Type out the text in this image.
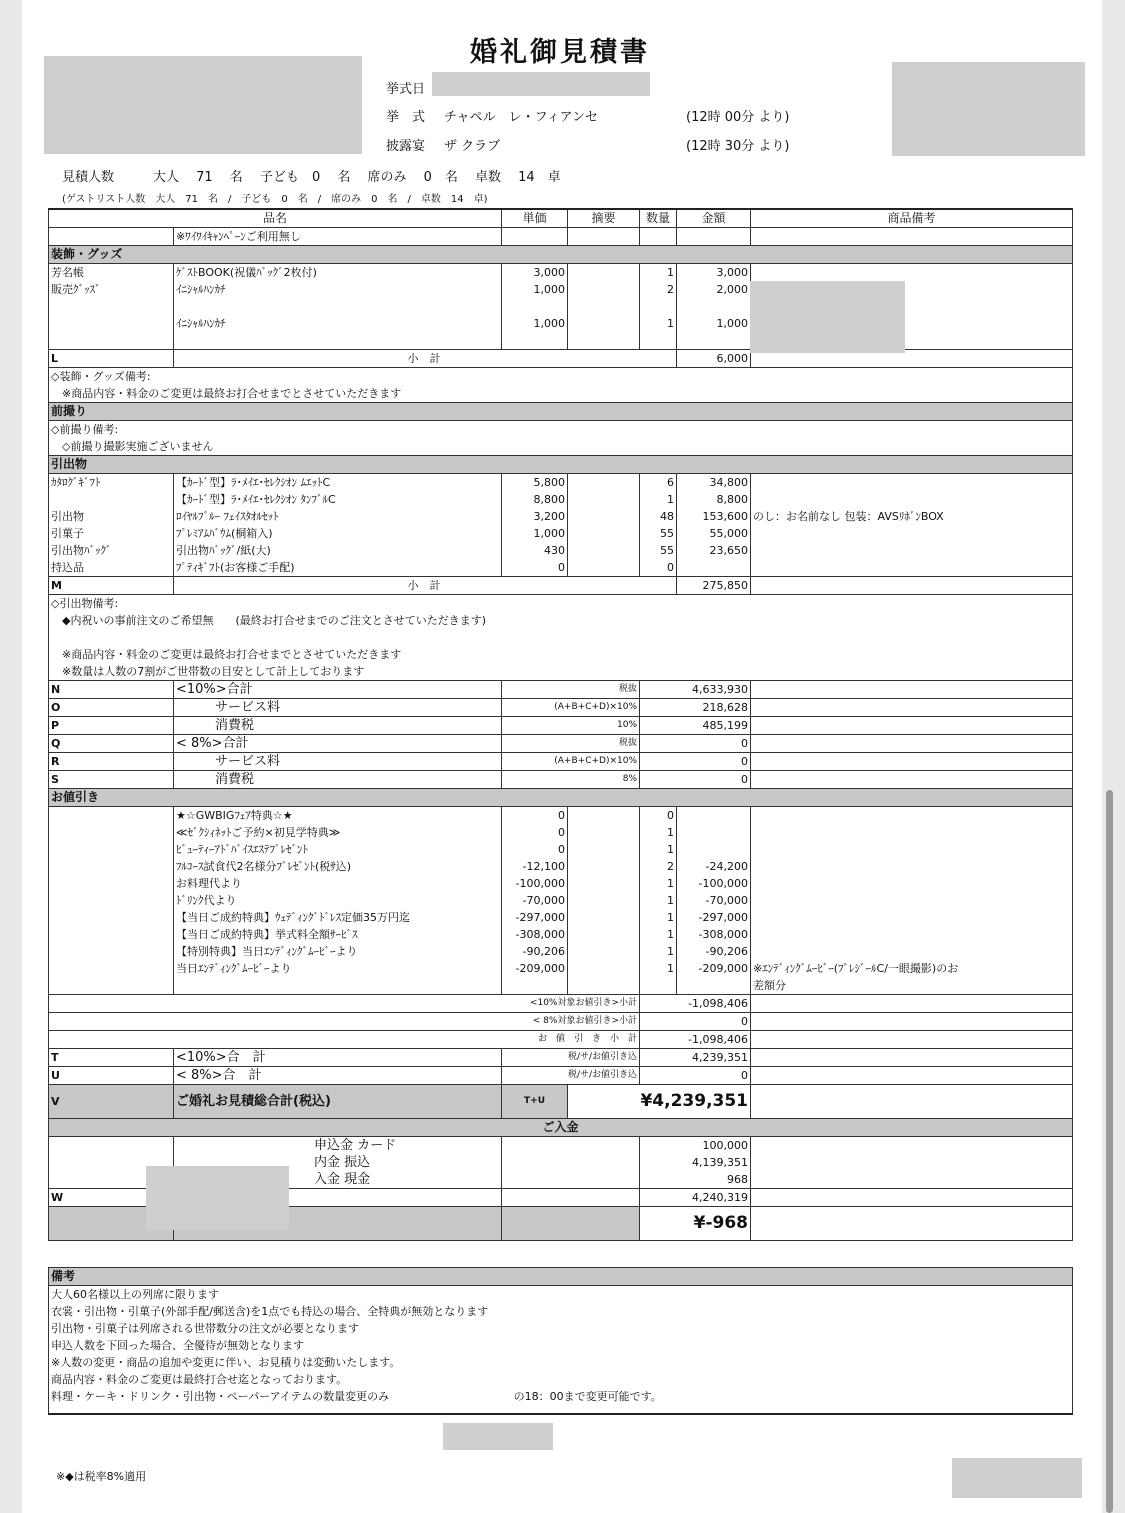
婚礼御見積書
挙式日
挙　式 チャペル　レ・フィアンセ	(12時 00分 より)
披露宴 ザ クラブ	(12時 30分 より)
見積人数　　　大人　 71　 名　 子ども　0　 名　 席のみ　 0　名　 卓数　 14　卓
(ゲストリスト人数　大人　71　名　/　子ども　0　名　/　席のみ　0　名　/　卓数　14　卓)
品名		単価	摘要	数量	金額	商品備考
	※ﾜｲﾜｲｷｬﾝﾍﾟｰﾝご利用無し					
装飾・グッズ						
芳名帳	ｹﾞｽﾄBOOK(祝儀ﾊﾞｯｸﾞ2枚付)	3,000		1	3,000	
販売ｸﾞｯｽﾞ	ｲﾆｼｬﾙﾊﾝｶﾁ	1,000		2	2,000	

	ｲﾆｼｬﾙﾊﾝｶﾁ	1,000		1	1,000	

L	小　計				6,000	
◇装飾・グッズ備考:						
　※商品内容・料金のご変更は最終お打合せまでとさせていただきます						
前撮り						
◇前撮り備考:						
　◇前撮り撮影実施ございません						
引出物						
ｶﾀﾛｸﾞｷﾞﾌﾄ	【ｶｰﾄﾞ型】ﾗ･ﾒｲｴ･ｾﾚｸｼｵﾝ ﾑｴｯﾄC	5,800		6	34,800	
	【ｶｰﾄﾞ型】ﾗ･ﾒｲｴ･ｾﾚｸｼｵﾝ ﾀﾝﾌﾞﾙC	8,800		1	8,800	
引出物	ﾛｲﾔﾙﾌﾞﾙｰ ﾌｪｲｽﾀｵﾙｾｯﾄ	3,200		48	153,600	のし：お名前なし 包装：AVSﾘﾎﾞﾝBOX
引菓子	ﾌﾟﾚﾐｱﾑﾊﾞｳﾑ(桐箱入)	1,000		55	55,000	
引出物ﾊﾞｯｸﾞ	引出物ﾊﾞｯｸﾞ/紙(大)	430		55	23,650	
持込品	ﾌﾟﾃｨｷﾞﾌﾄ(お客様ご手配)	0		0		
M	小　計				275,850	
◇引出物備考:						
　◆内祝いの事前注文のご希望無　　(最終お打合せまでのご注文とさせていただきます)						

　※商品内容・料金のご変更は最終お打合せまでとさせていただきます						
　※数量は人数の7割がご世帯数の目安として計上しております						
N	<10%>合計	税抜		4,633,930		
O	　　　サービス料	(A+B+C+D)×10%		218,628		
P	　　　消費税	10%		485,199		
Q	< 8%>合計	税抜		0		
R	　　　サービス料	(A+B+C+D)×10%		0		
S	　　　消費税	8%		0		
お値引き						
	★☆GWBIGﾌｪｱ特典☆★	0		0		
	≪ｾﾞｸｼｨﾈｯﾄご予約×初見学特典≫	0		1		
	ﾋﾞｭｰﾃｨｰｱﾄﾞﾊﾞｲｽｴｽﾃﾌﾟﾚｾﾞﾝﾄ	0		1		
	ﾌﾙｺｰｽ試食代2名様分ﾌﾟﾚｾﾞﾝﾄ(税ｻ込)	-12,100		2	-24,200	
	お料理代より	-100,000		1	-100,000	
	ﾄﾞﾘﾝｸ代より	-70,000		1	-70,000	
	【当日ご成約特典】ｳｪﾃﾞｨﾝｸﾞﾄﾞﾚｽ定価35万円迄	-297,000		1	-297,000	
	【当日ご成約特典】挙式料全額ｻｰﾋﾞｽ	-308,000		1	-308,000	
	【特別特典】当日ｴﾝﾃﾞｨﾝｸﾞﾑｰﾋﾞｰより	-90,206		1	-90,206	
	当日ｴﾝﾃﾞｨﾝｸﾞﾑｰﾋﾞｰより	-209,000		1	-209,000	※ｴﾝﾃﾞｨﾝｸﾞﾑｰﾋﾞｰ(ﾌﾟﾚｼﾞｰﾙC/一眼撮影)のお
						差額分
<10%対象お値引き>小計				-1,098,406		
< 8%対象お値引き>小計				0		
お　値　引　き　小　計				-1,098,406		
T	<10%>合　計	税/サ/お値引き込		4,239,351		
U	< 8%>合　計	税/サ/お値引き込		0		
V	ご婚礼お見積総合計(税込)	T+U	¥4,239,351			
ご入金						
	申込金 カード			100,000		
	内金 振込			4,139,351		
	入金 現金			968		
W				4,240,319		
			¥-968		

備考						
大人60名様以上の列席に限ります						
衣裳・引出物・引菓子(外部手配/郵送含)を1点でも持込の場合、全特典が無効となります						
引出物・引菓子は列席される世帯数分の注文が必要となります						
申込人数を下回った場合、全優待が無効となります						
※人数の変更・商品の追加や変更に伴い、お見積りは変動いたします。						
商品内容・料金のご変更は最終打合せ迄となっております。						
料理・ケーキ・ドリンク・引出物・ペーパーアイテムの数量変更のみ　　　　　　　　　　　 の18：00まで変更可能です。						

※◆は税率8%適用
